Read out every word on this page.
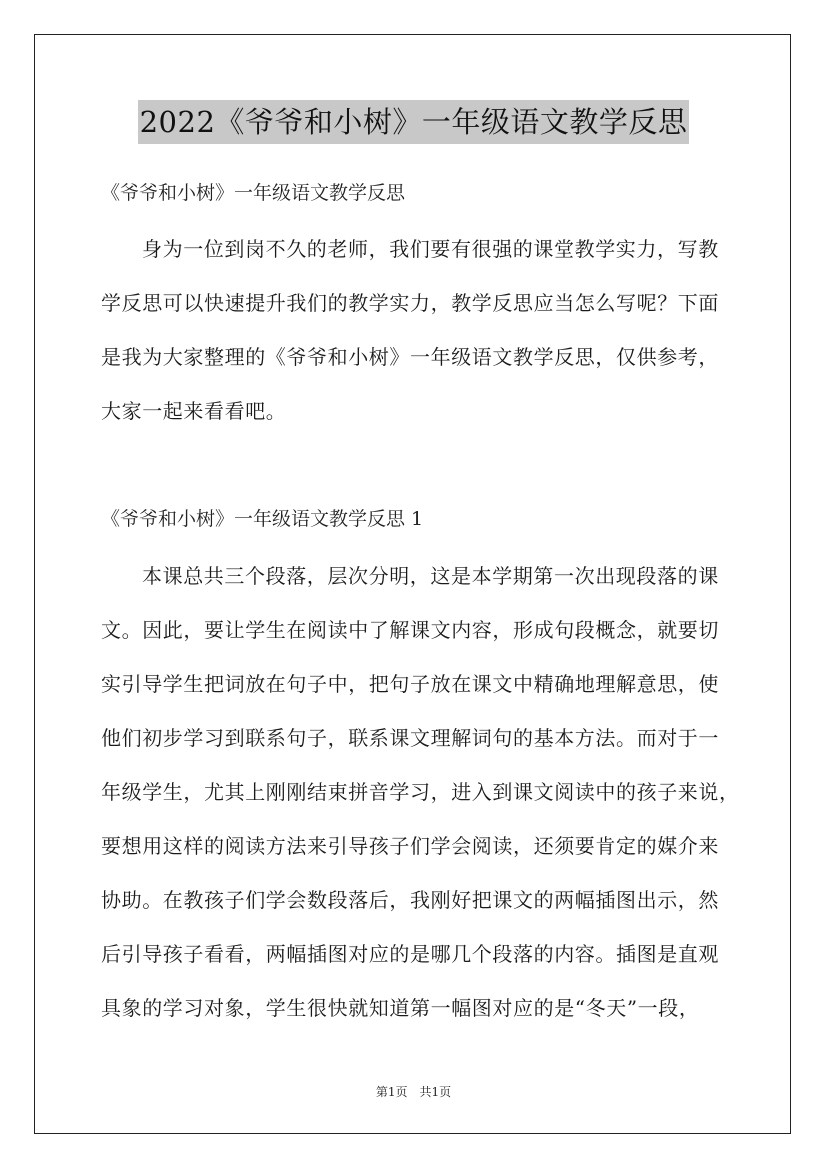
2022《爷爷和小树》一年级语文教学反思
《爷爷和小树》一年级语文教学反思
身为一位到岗不久的老师，我们要有很强的课堂教学实力，写教
学反思可以快速提升我们的教学实力，教学反思应当怎么写呢？下面
是我为大家整理的《爷爷和小树》一年级语文教学反思，仅供参考，
大家一起来看看吧。
《爷爷和小树》一年级语文教学反思 1
本课总共三个段落，层次分明，这是本学期第一次出现段落的课
文。因此，要让学生在阅读中了解课文内容，形成句段概念，就要切
实引导学生把词放在句子中，把句子放在课文中精确地理解意思，使
他们初步学习到联系句子，联系课文理解词句的基本方法。而对于一
年级学生，尤其上刚刚结束拼音学习，进入到课文阅读中的孩子来说，
要想用这样的阅读方法来引导孩子们学会阅读，还须要肯定的媒介来
协助。在教孩子们学会数段落后，我刚好把课文的两幅插图出示，然
后引导孩子看看，两幅插图对应的是哪几个段落的内容。插图是直观
具象的学习对象，学生很快就知道第一幅图对应的是“冬天”一段，
第1页　共1页
